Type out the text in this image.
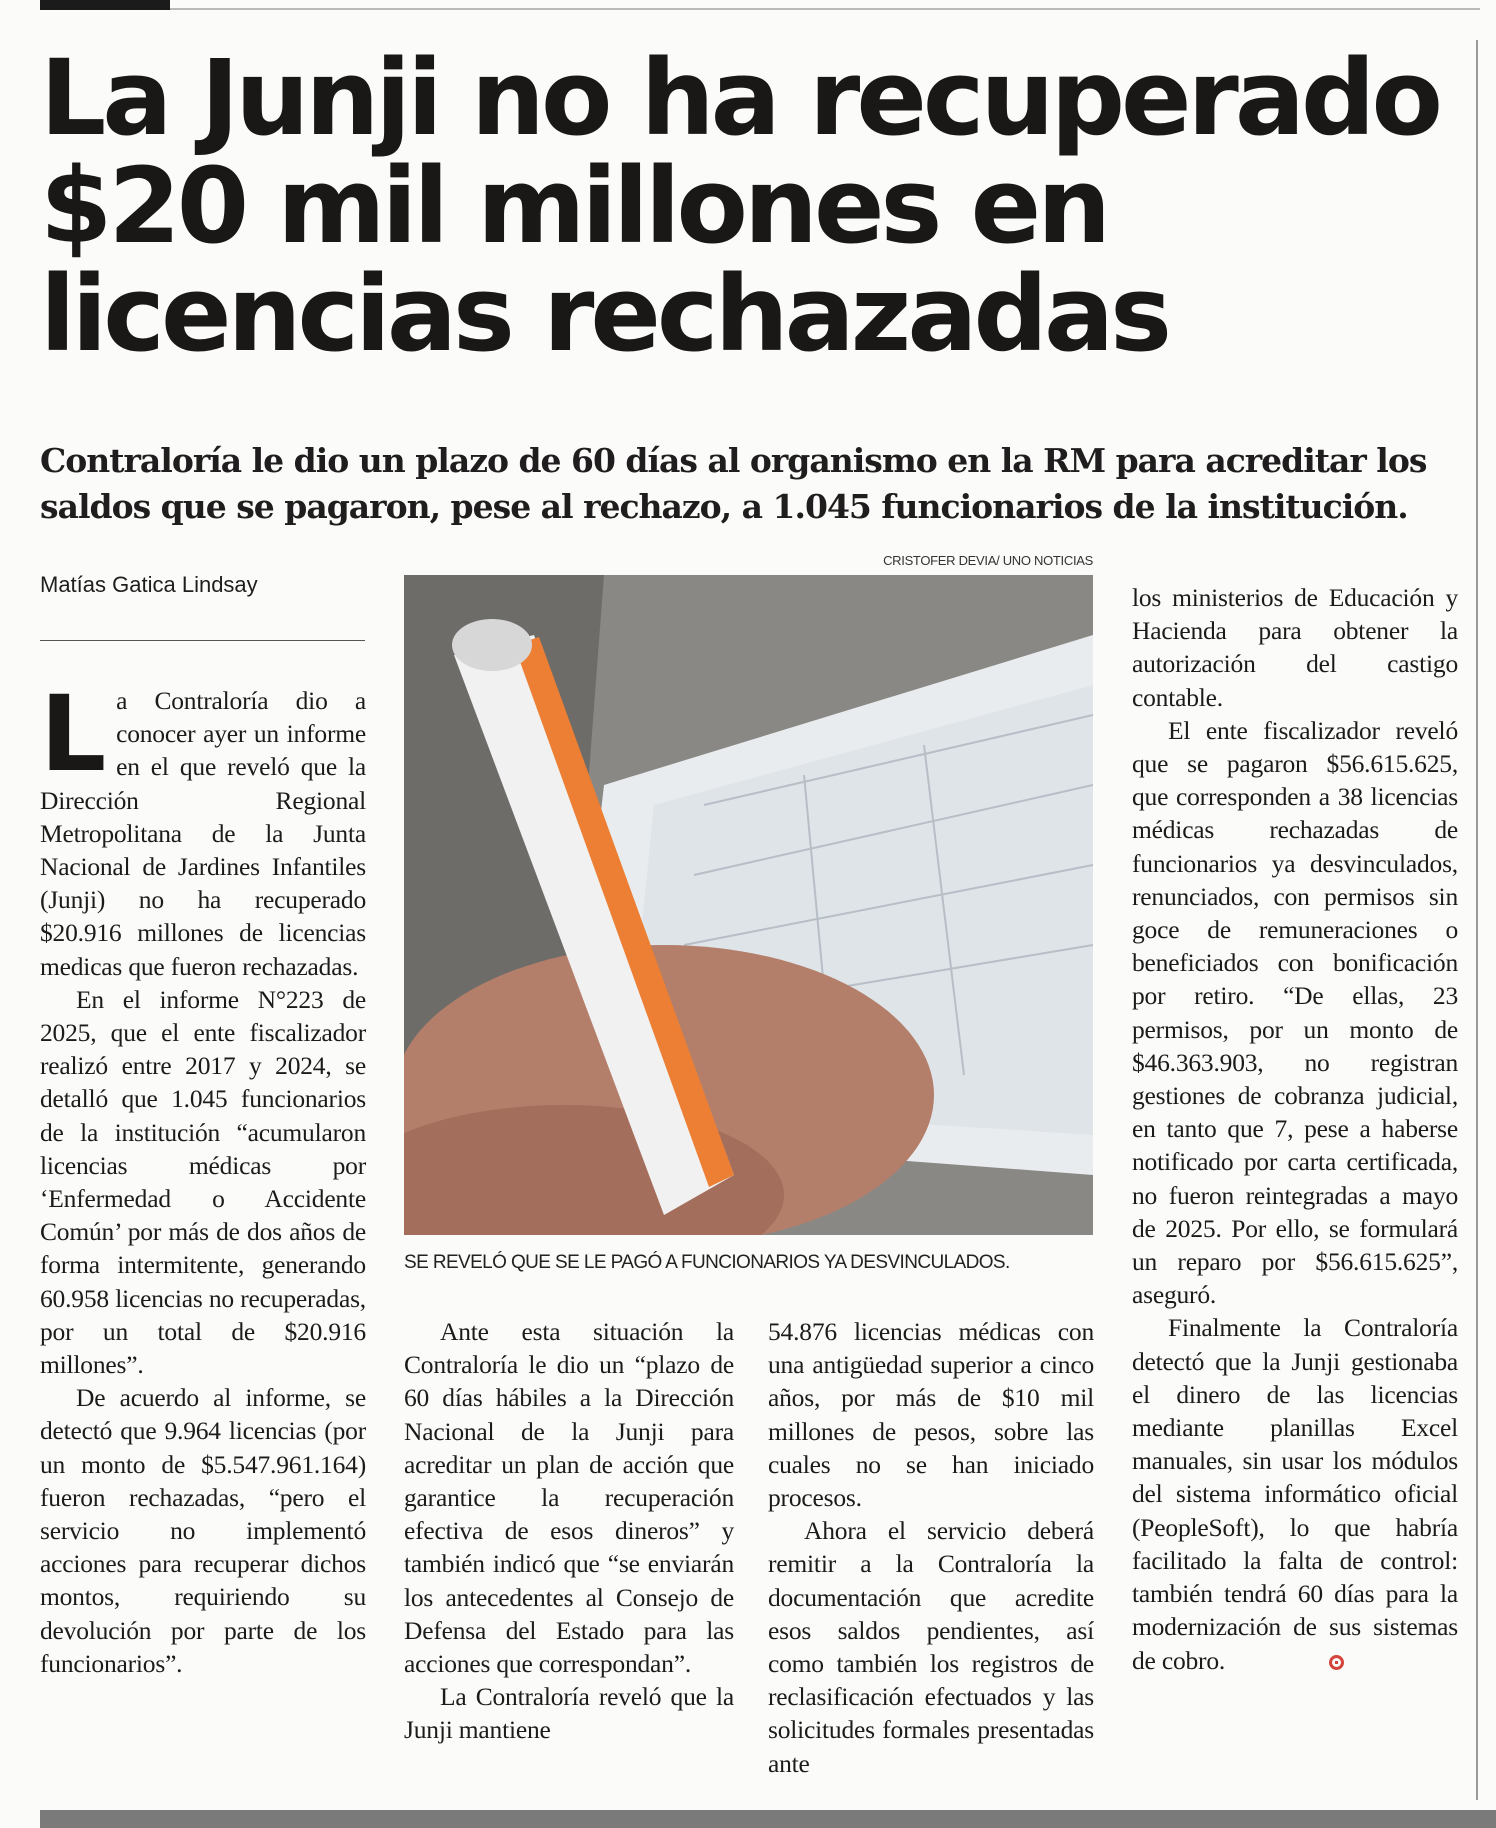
La Junji no ha recuperado $20 mil millones en licencias rechazadas

Contraloría le dio un plazo de 60 días al organismo en la RM para acreditar los saldos que se pagaron, pese al rechazo, a 1.045 funcionarios de la institución.

Matías Gatica Lindsay

CRISTOFER DEVIA/ UNO NOTICIAS

SE REVELÓ QUE SE LE PAGÓ A FUNCIONARIOS YA DESVINCULADOS.

La Contraloría dio a conocer ayer un informe en el que reveló que la Dirección Regional Metropolitana de la Junta Nacional de Jardines Infantiles (Junji) no ha recuperado $20.916 millones de licencias medicas que fueron rechazadas.

En el informe N°223 de 2025, que el ente fiscalizador realizó entre 2017 y 2024, se detalló que 1.045 funcionarios de la institución “acumularon licencias médicas por ‘Enfermedad o Accidente Común’ por más de dos años de forma intermitente, generando 60.958 licencias no recuperadas, por un total de $20.916 millones”.

De acuerdo al informe, se detectó que 9.964 licencias (por un monto de $5.547.961.164) fueron rechazadas, “pero el servicio no implementó acciones para recuperar dichos montos, requiriendo su devolución por parte de los funcionarios”.

Ante esta situación la Contraloría le dio un “plazo de 60 días hábiles a la Dirección Nacional de la Junji para acreditar un plan de acción que garantice la recuperación efectiva de esos dineros” y también indicó que “se enviarán los antecedentes al Consejo de Defensa del Estado para las acciones que correspondan”.

La Contraloría reveló que la Junji mantiene

54.876 licencias médicas con una antigüedad superior a cinco años, por más de $10 mil millones de pesos, sobre las cuales no se han iniciado procesos.

Ahora el servicio deberá remitir a la Contraloría la documentación que acredite esos saldos pendientes, así como también los registros de reclasificación efectuados y las solicitudes formales presentadas ante

los ministerios de Educación y Hacienda para obtener la autorización del castigo contable.

El ente fiscalizador reveló que se pagaron $56.615.625, que corresponden a 38 licencias médicas rechazadas de funcionarios ya desvinculados, renunciados, con permisos sin goce de remuneraciones o beneficiados con bonificación por retiro. “De ellas, 23 permisos, por un monto de $46.363.903, no registran gestiones de cobranza judicial, en tanto que 7, pese a haberse notificado por carta certificada, no fueron reintegradas a mayo de 2025. Por ello, se formulará un reparo por $56.615.625”, aseguró.

Finalmente la Contraloría detectó que la Junji gestionaba el dinero de las licencias mediante planillas Excel manuales, sin usar los módulos del sistema informático oficial (PeopleSoft), lo que habría facilitado la falta de control: también tendrá 60 días para la modernización de sus sistemas de cobro.
